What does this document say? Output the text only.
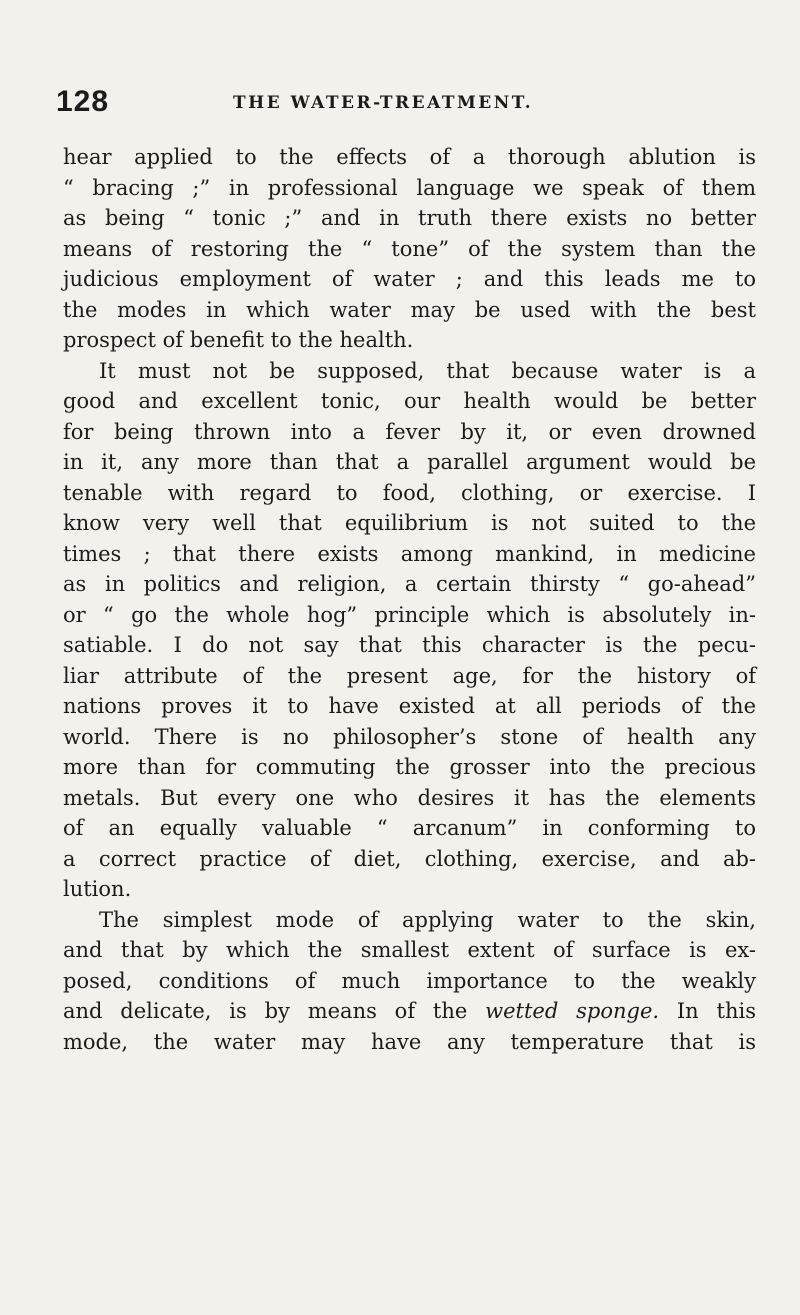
128	THE WATER-TREATMENT.
hear applied to the effects of a thorough ablution is
“ bracing ;” in professional language we speak of them
as being “ tonic ;” and in truth there exists no better
means of restoring the “ tone” of the system than the
judicious employment of water ; and this leads me to
the modes in which water may be used with the best
prospect of benefit to the health.
It must not be supposed, that because water is a
good and excellent tonic, our health would be better
for being thrown into a fever by it, or even drowned
in it, any more than that a parallel argument would be
tenable with regard to food, clothing, or exercise. I
know very well that equilibrium is not suited to the
times ; that there exists among mankind, in medicine
as in politics and religion, a certain thirsty “ go-ahead”
or “ go the whole hog” principle which is absolutely in-
satiable. I do not say that this character is the pecu-
liar attribute of the present age, for the history of
nations proves it to have existed at all periods of the
world. There is no philosopher’s stone of health any
more than for commuting the grosser into the precious
metals. But every one who desires it has the elements
of an equally valuable “ arcanum” in conforming to
a correct practice of diet, clothing, exercise, and ab-
lution.
The simplest mode of applying water to the skin,
and that by which the smallest extent of surface is ex-
posed, conditions of much importance to the weakly
and delicate, is by means of the wetted sponge. In this
mode, the water may have any temperature that is
